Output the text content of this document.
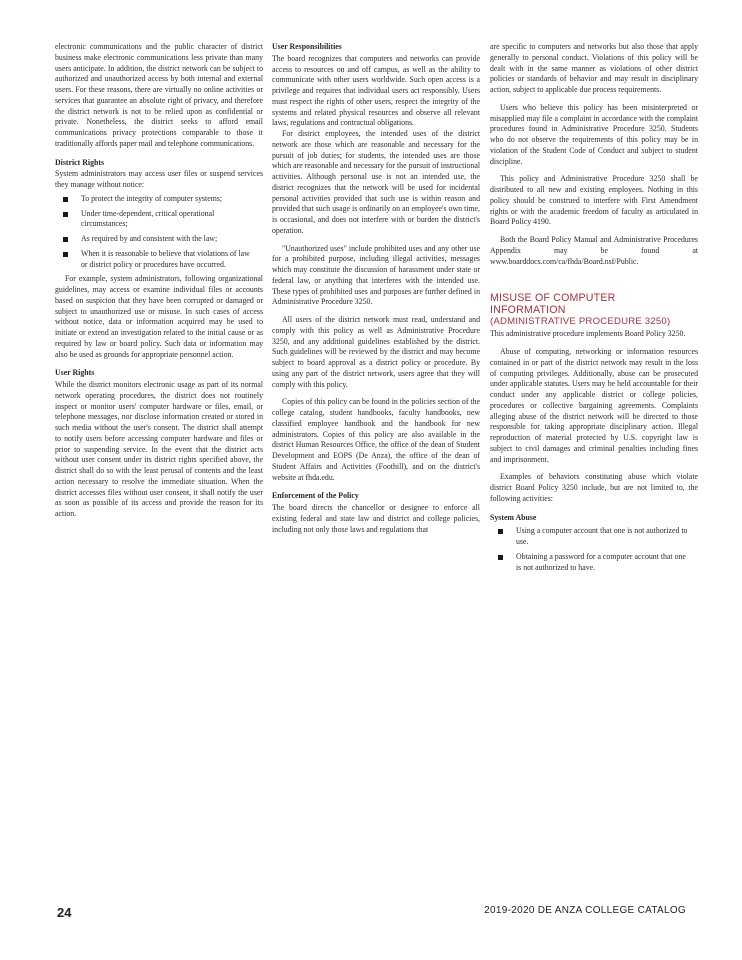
electronic communications and the public character of district business make electronic communications less private than many users anticipate. In addition, the district network can be subject to authorized and unauthorized access by both internal and external users. For these reasons, there are virtually no online activities or services that guarantee an absolute right of privacy, and therefore the district network is not to be relied upon as confidential or private. Nonetheless, the district seeks to afford email communications privacy protections comparable to those it traditionally affords paper mail and telephone communications.

District Rights

System administrators may access user files or suspend services they manage without notice:

To protect the integrity of computer systems;
Under time-dependent, critical operational circumstances;
As required by and consistent with the law;
When it is reasonable to believe that violations of law or district policy or procedures have occurred.

For example, system administrators, following organizational guidelines, may access or examine individual files or accounts based on suspicion that they have been corrupted or damaged or subject to unauthorized use or misuse. In such cases of access without notice, data or information acquired may be used to initiate or extend an investigation related to the initial cause or as required by law or board policy. Such data or information may also be used as grounds for appropriate personnel action.

User Rights

While the district monitors electronic usage as part of its normal network operating procedures, the district does not routinely inspect or monitor users' computer hardware or files, email, or telephone messages, nor disclose information created or stored in such media without the user's consent. The district shall attempt to notify users before accessing computer hardware and files or prior to suspending service. In the event that the district acts without user consent under its district rights specified above, the district shall do so with the least perusal of contents and the least action necessary to resolve the immediate situation. When the district accesses files without user consent, it shall notify the user as soon as possible of its access and provide the reason for its action.

User Responsibilities

The board recognizes that computers and networks can provide access to resources on and off campus, as well as the ability to communicate with other users worldwide. Such open access is a privilege and requires that individual users act responsibly. Users must respect the rights of other users, respect the integrity of the systems and related physical resources and observe all relevant laws, regulations and contractual obligations.

For district employees, the intended uses of the district network are those which are reasonable and necessary for the pursuit of job duties; for students, the intended uses are those which are reasonable and necessary for the pursuit of instructional activities. Although personal use is not an intended use, the district recognizes that the network will be used for incidental personal activities provided that such use is within reason and provided that such usage is ordinarily on an employee's own time, is occasional, and does not interfere with or burden the district's operation.

"Unauthorized uses" include prohibited uses and any other use for a prohibited purpose, including illegal activities, messages which may constitute the discussion of harassment under state or federal law, or anything that interferes with the intended use. These types of prohibited uses and purposes are further defined in Administrative Procedure 3250.

All users of the district network must read, understand and comply with this policy as well as Administrative Procedure 3250, and any additional guidelines established by the district. Such guidelines will be reviewed by the district and may become subject to board approval as a district policy or procedure. By using any part of the district network, users agree that they will comply with this policy.

Copies of this policy can be found in the policies section of the college catalog, student handbooks, faculty handbooks, new classified employee handbook and the handbook for new administrators. Copies of this policy are also available in the district Human Resources Office, the office of the dean of Student Development and EOPS (De Anza), the office of the dean of Student Affairs and Activities (Foothill), and on the district's website at fhda.edu.

Enforcement of the Policy

The board directs the chancellor or designee to enforce all existing federal and state law and district and college policies, including not only those laws and regulations that

are specific to computers and networks but also those that apply generally to personal conduct. Violations of this policy will be dealt with in the same manner as violations of other district policies or standards of behavior and may result in disciplinary action, subject to applicable due process requirements.

Users who believe this policy has been misinterpreted or misapplied may file a complaint in accordance with the complaint procedures found in Administrative Procedure 3250. Students who do not observe the requirements of this policy may be in violation of the Student Code of Conduct and subject to student discipline.

This policy and Administrative Procedure 3250 shall be distributed to all new and existing employees. Nothing in this policy should be construed to interfere with First Amendment rights or with the academic freedom of faculty as articulated in Board Policy 4190.

Both the Board Policy Manual and Administrative Procedures Appendix may be found at www.boarddocs.com/ca/fhda/Board.nsf/Public.

MISUSE OF COMPUTER
INFORMATION
(ADMINISTRATIVE PROCEDURE 3250)

This administrative procedure implements Board Policy 3250.

Abuse of computing, networking or information resources contained in or part of the district network may result in the loss of computing privileges. Additionally, abuse can be prosecuted under applicable statutes. Users may be held accountable for their conduct under any applicable district or college policies, procedures or collective bargaining agreements. Complaints alleging abuse of the district network will be directed to those responsible for taking appropriate disciplinary action. Illegal reproduction of material protected by U.S. copyright law is subject to civil damages and criminal penalties including fines and imprisonment.

Examples of behaviors constituting abuse which violate district Board Policy 3250 include, but are not limited to, the following activities:

System Abuse
Using a computer account that one is not authorized to use.
Obtaining a password for a computer account that one is not authorized to have.
24	2019-2020 DE ANZA COLLEGE CATALOG
